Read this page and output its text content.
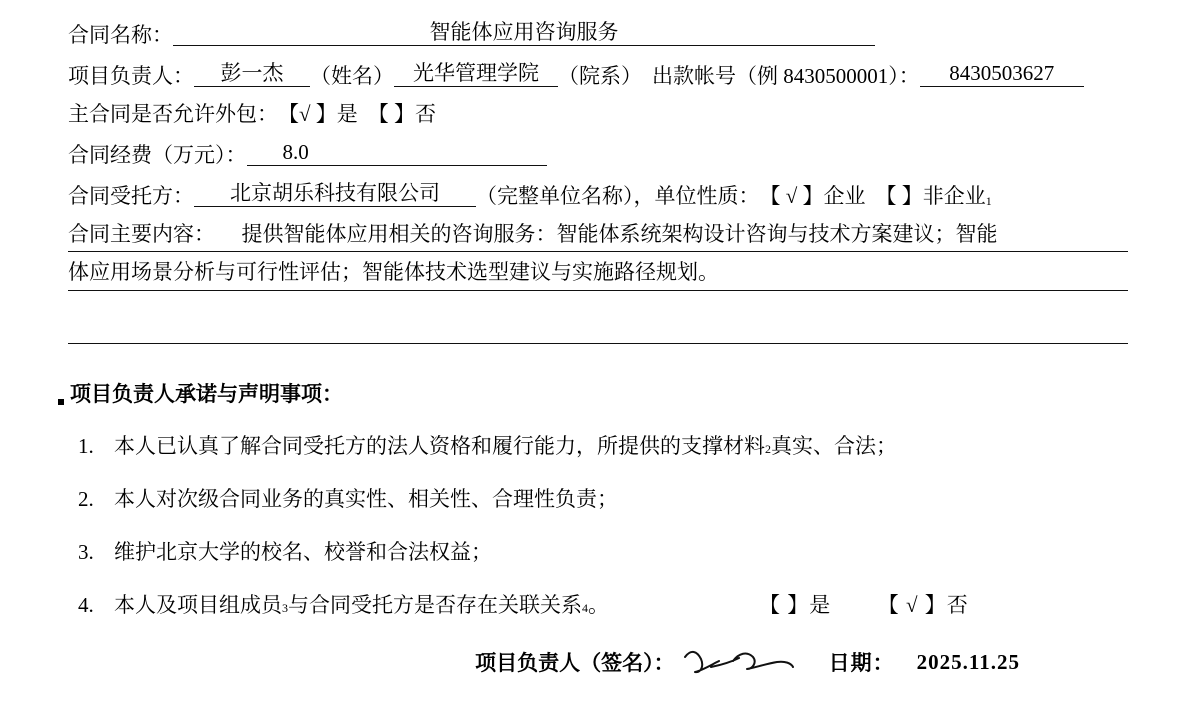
合同名称：	智能体应用咨询服务
项目负责人：	彭一杰	（姓名） 光华管理学院 （院系） 出款帐号（例 8430500001）：	8430503627
主合同是否允许外包： 【√ 】是 【 】否
合同经费（万元）：	8.0
合同受托方：	北京胡乐科技有限公司	（完整单位名称），单位性质： 【 √ 】企业 【 】非企业 1
合同主要内容： 提供智能体应用相关的咨询服务：智能体系统架构设计咨询与技术方案建议；智能
体应用场景分析与可行性评估；智能体技术选型建议与实施路径规划。
项目负责人承诺与声明事项：
1. 本人已认真了解合同受托方的法人资格和履行能力，所提供的支撑材料 2 真实、合法；
2. 本人对次级合同业务的真实性、相关性、合理性负责；
3. 维护北京大学的校名、校誉和合法权益；
4. 本人及项目组成员 3 与合同受托方是否存在关联关系 4 。	【 】是 【 √ 】否
项目负责人（签名）：	日期： 2025.11.25
